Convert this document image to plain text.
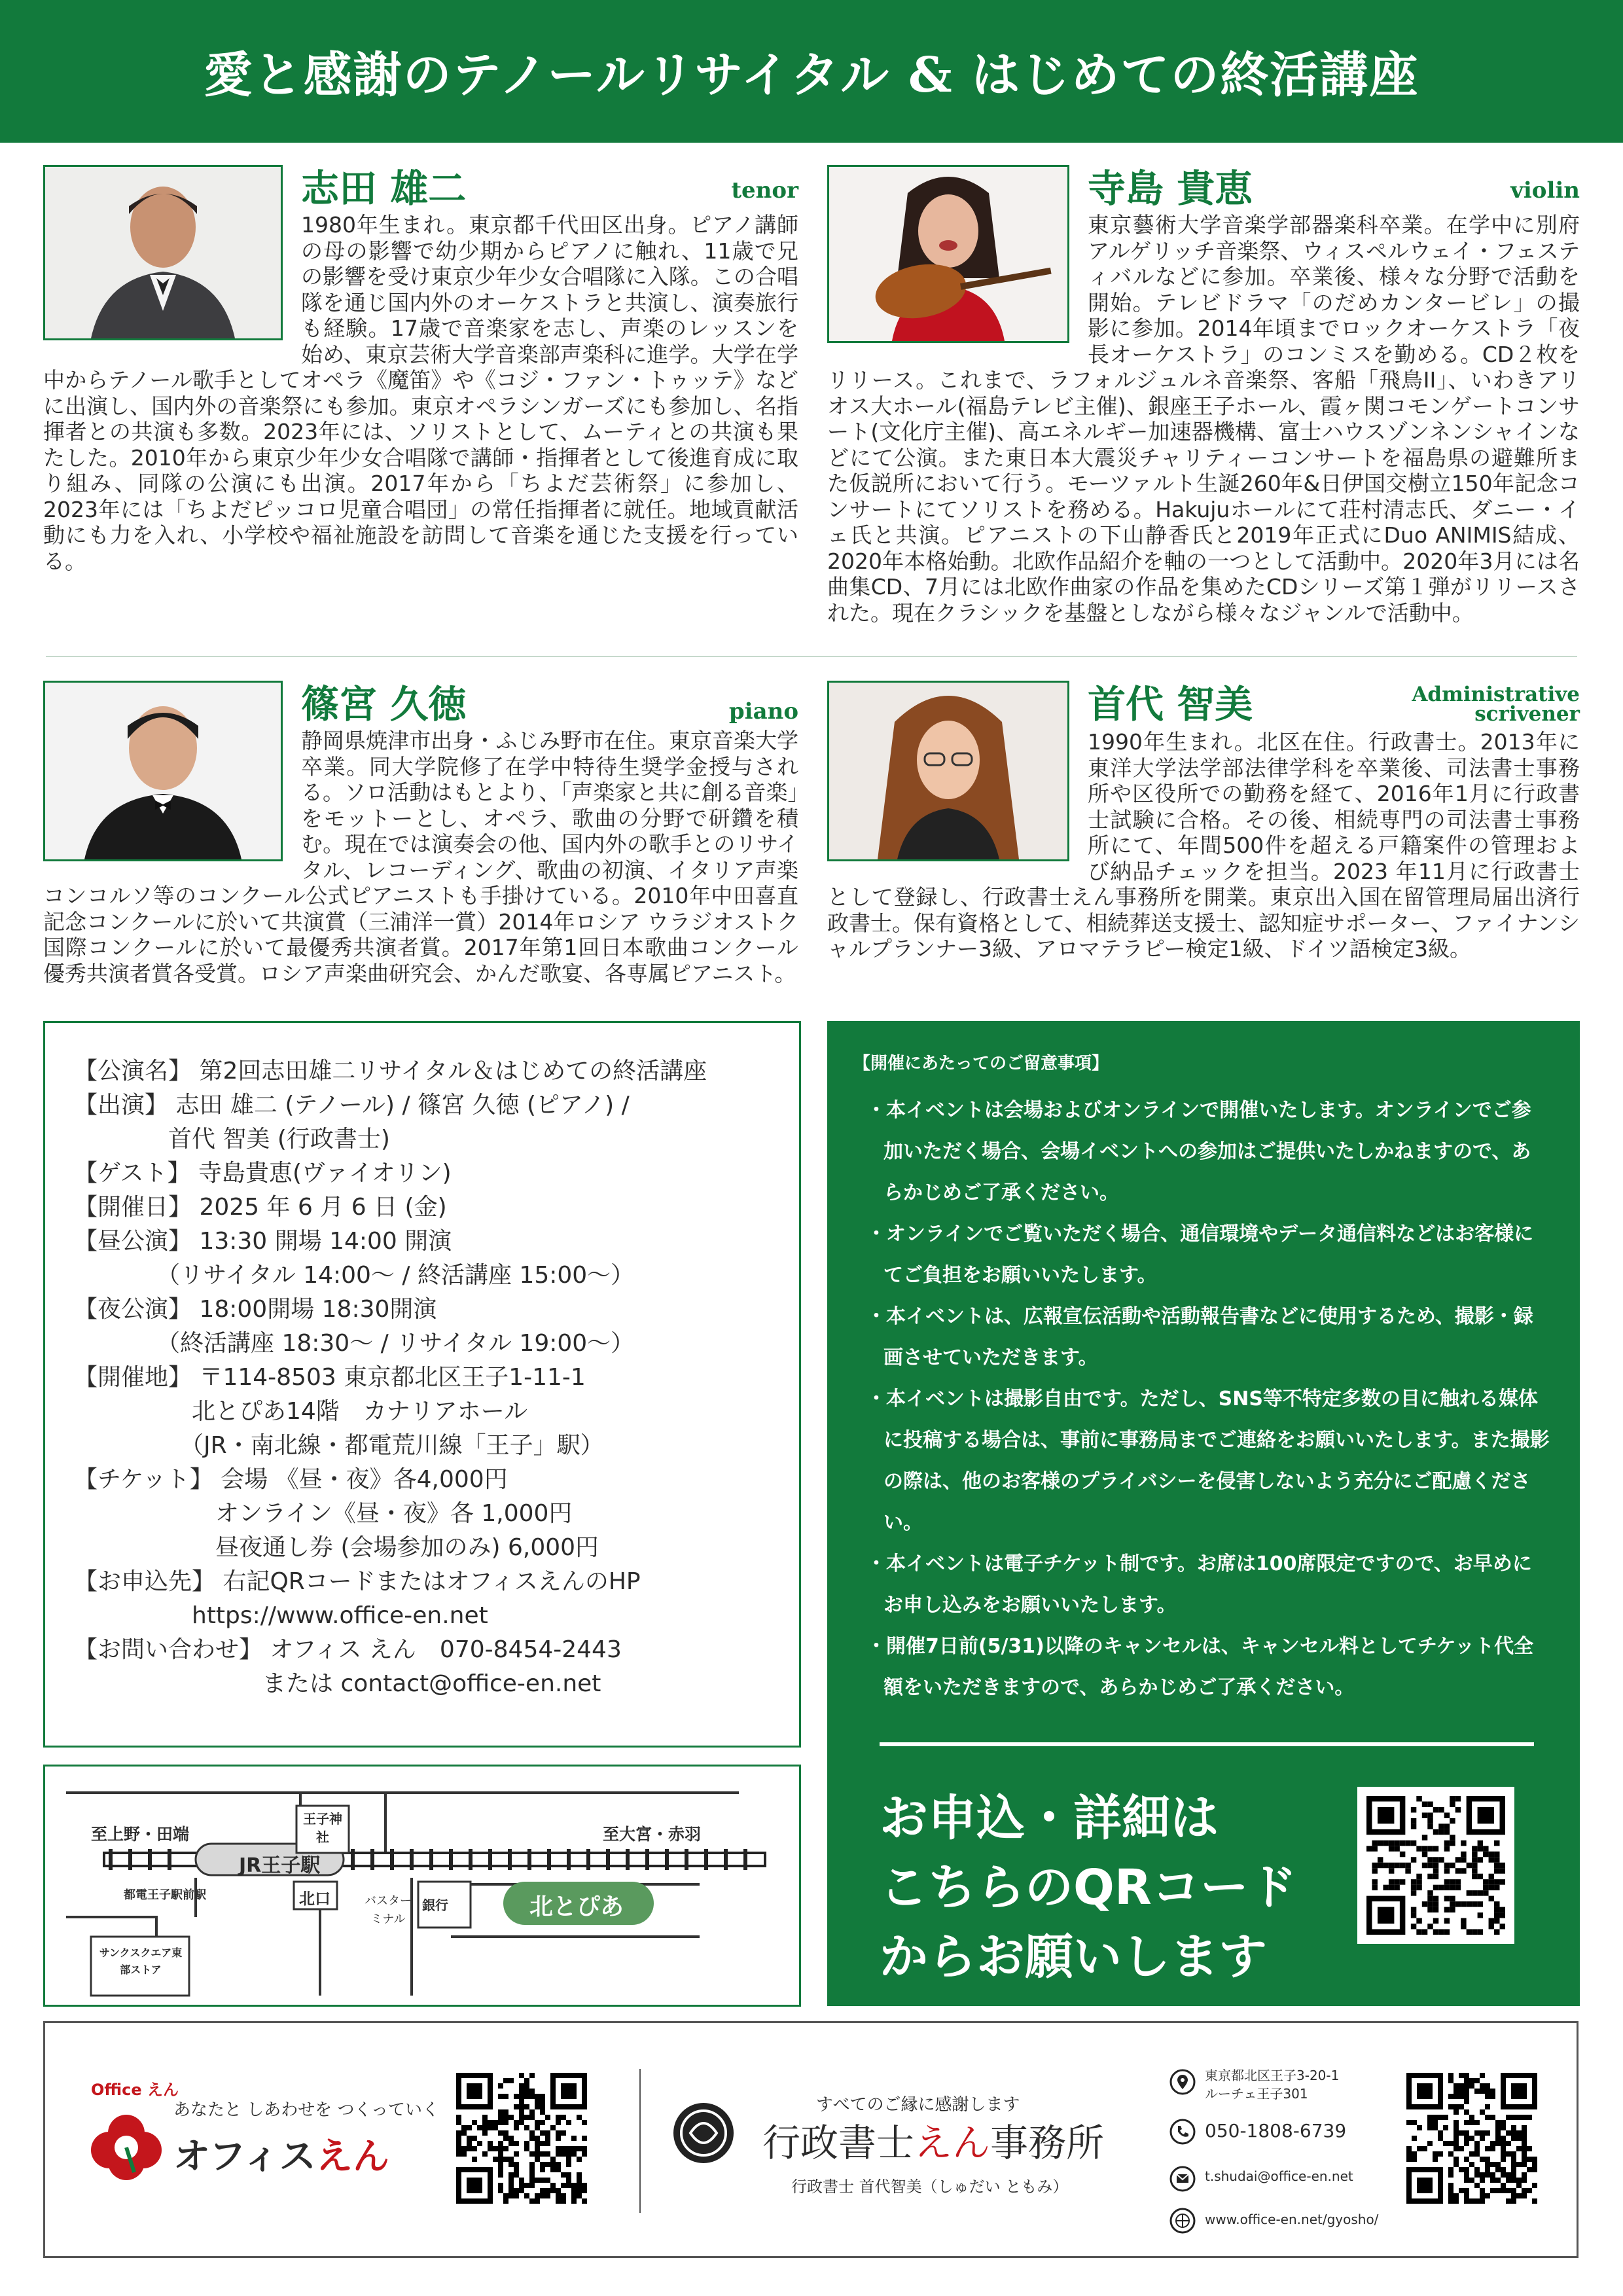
愛と感謝のテノールリサイタル & はじめての終活講座
志田 雄二	tenor

1980年生まれ。東京都千代田区出身。ピアノ講師の母の影響で幼少期からピアノに触れ、11歳で兄の影響を受け東京少年少女合唱隊に入隊。この合唱隊を通じ国内外のオーケストラと共演し、演奏旅行も経験。17歳で音楽家を志し、声楽のレッスンを始め、東京芸術大学音楽部声楽科に進学。大学在学中からテノール歌手としてオペラ《魔笛》や《コジ・ファン・トゥッテ》などに出演し、国内外の音楽祭にも参加。東京オペラシンガーズにも参加し、名指揮者との共演も多数。2023年には、ソリストとして、ムーティとの共演も果たした。2010年から東京少年少女合唱隊で講師・指揮者として後進育成に取り組み、同隊の公演にも出演。2017年から「ちよだ芸術祭」に参加し、2023年には「ちよだピッコロ児童合唱団」の常任指揮者に就任。地域貢献活動にも力を入れ、小学校や福祉施設を訪問して音楽を通じた支援を行っている。

寺島 貴恵	violin

東京藝術大学音楽学部器楽科卒業。在学中に別府アルゲリッチ音楽祭、ウィスペルウェイ・フェスティバルなどに参加。卒業後、様々な分野で活動を開始。テレビドラマ「のだめカンタービレ」の撮影に参加。2014年頃までロックオーケストラ「夜長オーケストラ」のコンミスを勤める。CD２枚をリリース。これまで、ラフォルジュルネ音楽祭、客船「飛鳥II」、いわきアリオス大ホール(福島テレビ主催)、銀座王子ホール、霞ヶ関コモンゲートコンサート(文化庁主催)、高エネルギー加速器機構、富士ハウスゾンネンシャインなどにて公演。また東日本大震災チャリティーコンサートを福島県の避難所また仮説所において行う。モーツァルト生誕260年&日伊国交樹立150年記念コンサートにてソリストを務める。Hakujuホールにて荘村清志氏、ダニー・イェ氏と共演。ピアニストの下山静香氏と2019年正式にDuo ANIMIS結成、2020年本格始動。北欧作品紹介を軸の一つとして活動中。2020年3月には名曲集CD、7月には北欧作曲家の作品を集めたCDシリーズ第１弾がリリースされた。現在クラシックを基盤としながら様々なジャンルで活動中。

篠宮 久徳	piano

静岡県焼津市出身・ふじみ野市在住。東京音楽大学卒業。同大学院修了在学中特待生奨学金授与される。ソロ活動はもとより、「声楽家と共に創る音楽」をモットーとし、オペラ、歌曲の分野で研鑽を積む。現在では演奏会の他、国内外の歌手とのリサイタル、レコーディング、歌曲の初演、イタリア声楽コンコルソ等のコンクール公式ピアニストも手掛けている。2010年中田喜直記念コンクールに於いて共演賞（三浦洋一賞）2014年ロシア ウラジオストク国際コンクールに於いて最優秀共演者賞。2017年第1回日本歌曲コンクール優秀共演者賞各受賞。ロシア声楽曲研究会、かんだ歌宴、各専属ピアニスト。

首代 智美	Administrative scrivener

1990年生まれ。北区在住。行政書士。2013年に東洋大学法学部法律学科を卒業後、司法書士事務所や区役所での勤務を経て、2016年1月に行政書士試験に合格。その後、相続専門の司法書士事務所にて、年間500件を超える戸籍案件の管理および納品チェックを担当。2023 年11月に行政書士として登録し、行政書士えん事務所を開業。東京出入国在留管理局届出済行政書士。保有資格として、相続葬送支援士、認知症サポーター、ファイナンシャルプランナー3級、アロマテラピー検定1級、ドイツ語検定3級。

【公演名】 第2回志田雄二リサイタル＆はじめての終活講座
【出演】 志田 雄二 (テノール) / 篠宮 久徳 (ピアノ) /
　　　　首代 智美 (行政書士)
【ゲスト】 寺島貴恵(ヴァイオリン)
【開催日】 2025 年 6 月 6 日 (金)
【昼公演】 13:30 開場 14:00 開演
　　　　（リサイタル 14:00～ / 終活講座 15:00～）
【夜公演】 18:00開場 18:30開演
　　　　（終活講座 18:30～ / リサイタル 19:00～）
【開催地】 〒114-8503 東京都北区王子1-11-1
　　　　　北とぴあ14階　カナリアホール
　　　　　（JR・南北線・都電荒川線「王子」駅）
【チケット】 会場 《昼・夜》各4,000円
　　　　　　オンライン《昼・夜》各 1,000円
　　　　　　昼夜通し券 (会場参加のみ) 6,000円
【お申込先】 右記QRコードまたはオフィスえんのHP
　　　　　https://www.office-en.net
【お問い合わせ】 オフィス えん　070-8454-2443
　　　　　　　　または contact@office-en.net
【開催にあたってのご留意事項】
・ 本イベントは会場およびオンラインで開催いたします。オンラインでご参加いただく場合、会場イベントへの参加はご提供いたしかねますので、あらかじめご了承ください。
・ オンラインでご覧いただく場合、通信環境やデータ通信料などはお客様にてご負担をお願いいたします。
・ 本イベントは、広報宣伝活動や活動報告書などに使用するため、撮影・録画させていただきます。
・ 本イベントは撮影自由です。ただし、SNS等不特定多数の目に触れる媒体に投稿する場合は、事前に事務局までご連絡をお願いいたします。また撮影の際は、他のお客様のプライバシーを侵害しないよう充分にご配慮ください。
・ 本イベントは電子チケット制です。お席は100席限定ですので、お早めにお申し込みをお願いいたします。
・ 開催7日前(5/31)以降のキャンセルは、キャンセル料としてチケット代全額をいただきますので、あらかじめご了承ください。
お申込・詳細は
こちらのQRコード
からお願いします
至上野・田端	至大宮・赤羽
JR王子駅
王子神社
北口
都電王子駅前駅	バスターミナル
銀行	北とぴあ
サンクスクエア東部ストア
Office えん
あなたと しあわせを つくっていく
オフィスえん
すべてのご縁に感謝します
行政書士えん事務所
行政書士 首代智美（しゅだい ともみ）
東京都北区王子3-20-1
ルーチェ王子301
050-1808-6739
t.shudai@office-en.net
www.office-en.net/gyosho/
